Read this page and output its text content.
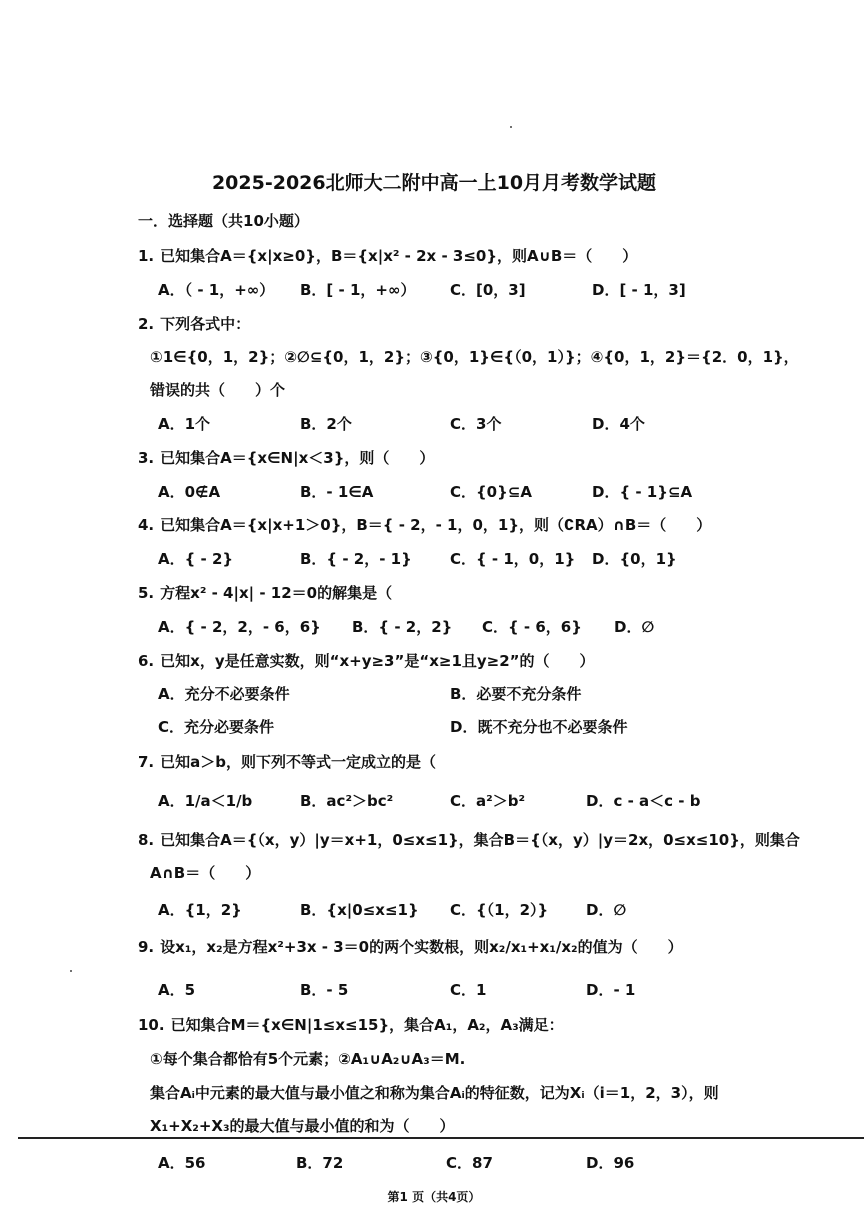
2025-2026北师大二附中高一上10月月考数学试题
一．选择题（共10小题）
1. 已知集合A＝{x|x≥0}，B＝{x|x² - 2x - 3≤0}，则A∪B＝（　　）
A．（ - 1，+∞） B．[ - 1，+∞） C．[0，3]	D．[ - 1，3]
2. 下列各式中：
①1∈{0，1，2}；②∅⊆{0，1，2}；③{0，1}∈{（0，1）}；④{0，1，2}＝{2．0，1}，
错误的共（　　）个
A．1个	B．2个	C．3个	D．4个
3. 已知集合A＝{x∈N|x＜3}，则（　　）
A．0∉A	B．- 1∈A	C．{0}⊆A	D．{ - 1}⊆A
4. 已知集合A＝{x|x+1＞0}，B＝{ - 2，- 1，0，1}，则（∁RA）∩B＝（　　）
A．{ - 2}	B．{ - 2，- 1}	C．{ - 1，0，1} D．{0，1}
5. 方程x² - 4|x| - 12＝0的解集是（
A．{ - 2，2，- 6，6} B．{ - 2，2} C．{ - 6，6} D．∅
6. 已知x，y是任意实数，则“x+y≥3”是“x≥1且y≥2”的（　　）
A．充分不必要条件	B．必要不充分条件
C．充分必要条件	D．既不充分也不必要条件
7. 已知a＞b，则下列不等式一定成立的是（
A．1/a＜1/b	B．ac²＞bc²	C．a²＞b²	D．c - a＜c - b
8. 已知集合A＝{（x，y）|y＝x+1，0≤x≤1}，集合B＝{（x，y）|y＝2x，0≤x≤10}，则集合
A∩B＝（　　）
A．{1，2}	B．{x|0≤x≤1} C．{（1，2）}	D．∅
9. 设x₁，x₂是方程x²+3x - 3＝0的两个实数根，则x₂/x₁+x₁/x₂的值为（　　）
A．5	B．- 5	C．1	D．- 1
10. 已知集合M＝{x∈N|1≤x≤15}，集合A₁，A₂，A₃满足：
①每个集合都恰有5个元素；②A₁∪A₂∪A₃＝M.
集合Aᵢ中元素的最大值与最小值之和称为集合Aᵢ的特征数，记为Xᵢ（i＝1，2，3），则
X₁+X₂+X₃的最大值与最小值的和为（　　）
A．56	B．72	C．87	D．96
第1 页（共4页）
